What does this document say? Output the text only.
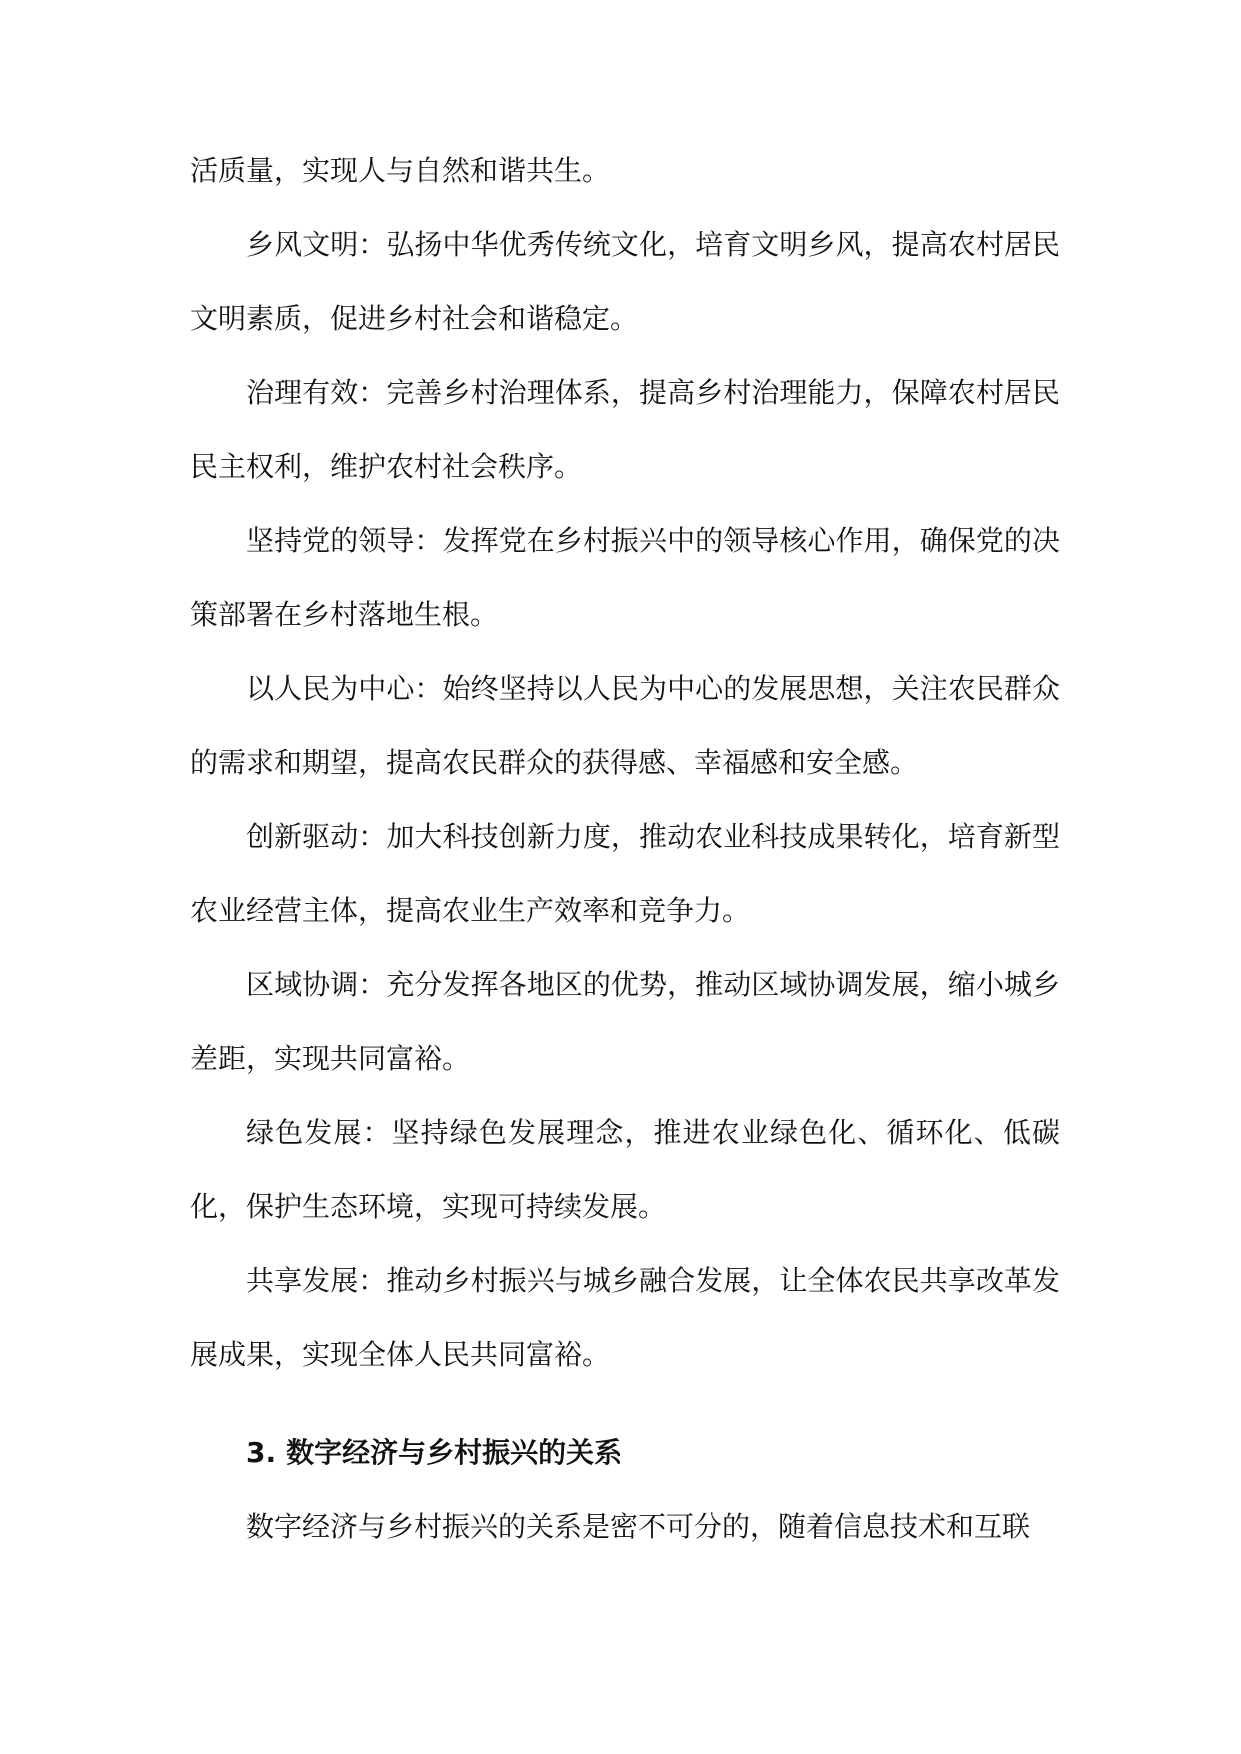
活质量，实现人与自然和谐共生。

乡风文明：弘扬中华优秀传统文化，培育文明乡风，提高农村居民文明素质，促进乡村社会和谐稳定。

治理有效：完善乡村治理体系，提高乡村治理能力，保障农村居民民主权利，维护农村社会秩序。

坚持党的领导：发挥党在乡村振兴中的领导核心作用，确保党的决策部署在乡村落地生根。

以人民为中心：始终坚持以人民为中心的发展思想，关注农民群众的需求和期望，提高农民群众的获得感、幸福感和安全感。

创新驱动：加大科技创新力度，推动农业科技成果转化，培育新型农业经营主体，提高农业生产效率和竞争力。

区域协调：充分发挥各地区的优势，推动区域协调发展，缩小城乡差距，实现共同富裕。

绿色发展：坚持绿色发展理念，推进农业绿色化、循环化、低碳化，保护生态环境，实现可持续发展。

共享发展：推动乡村振兴与城乡融合发展，让全体农民共享改革发展成果，实现全体人民共同富裕。

3. 数字经济与乡村振兴的关系

数字经济与乡村振兴的关系是密不可分的，随着信息技术和互联
